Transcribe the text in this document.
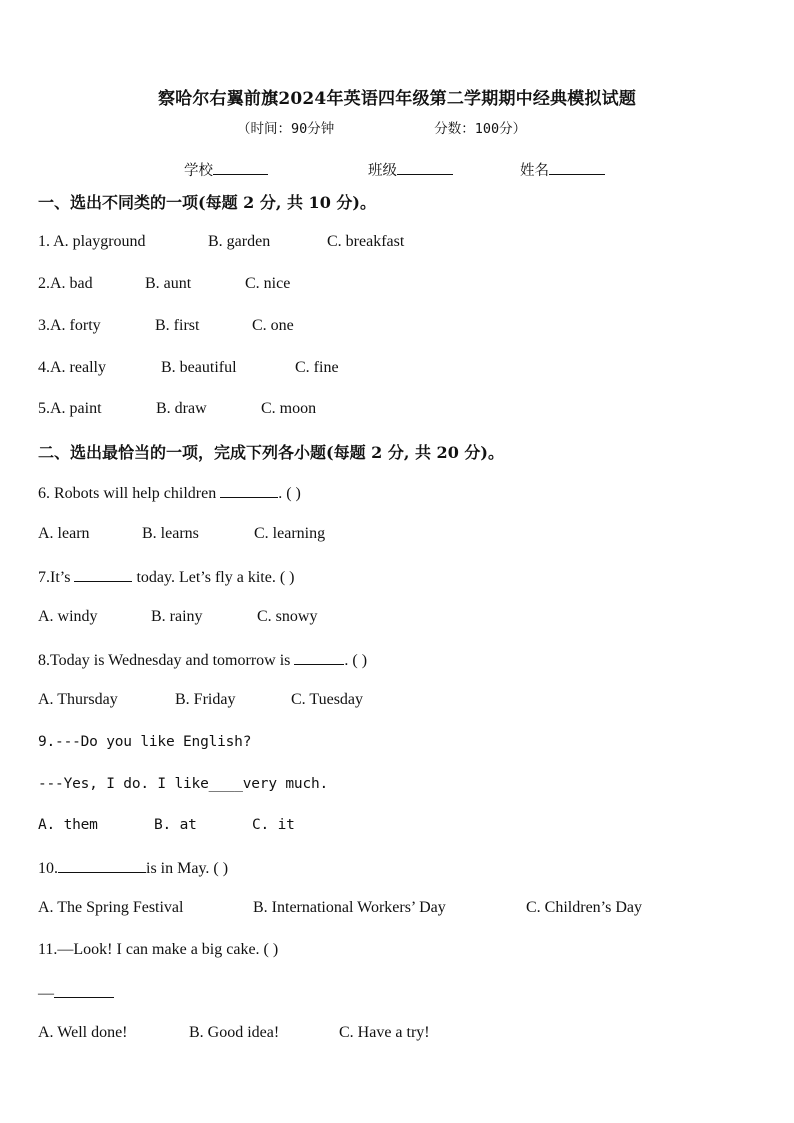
察哈尔右翼前旗2024年英语四年级第二学期期中经典模拟试题
（时间：90分钟	分数：100分）
学校	班级	姓名
一、选出不同类的一项(每题 2 分, 共 10 分)。
1. A. playground	B. garden	C. breakfast
2.A. bad	B. aunt	C. nice
3.A. forty	B. first	C. one
4.A. really	B. beautiful	C. fine
5.A. paint	B. draw	C. moon
二、选出最恰当的一项，完成下列各小题(每题 2 分, 共 20 分)。
6. Robots will help children	. ( )
A. learn	B. learns	C. learning
7.It’s	today. Let’s fly a kite. ( )
A. windy	B. rainy	C. snowy
8.Today is Wednesday and tomorrow is	. ( )
A. Thursday	B. Friday	C. Tuesday
9.---Do you like English?
---Yes, I do. I like____very much.
A. them	B. at	C. it
10.	is in May. ( )
A. The Spring Festival	B. International Workers’ Day	C. Children’s Day
11.—Look! I can make a big cake. ( )
—
A. Well done!	B. Good idea!	C. Have a try!
